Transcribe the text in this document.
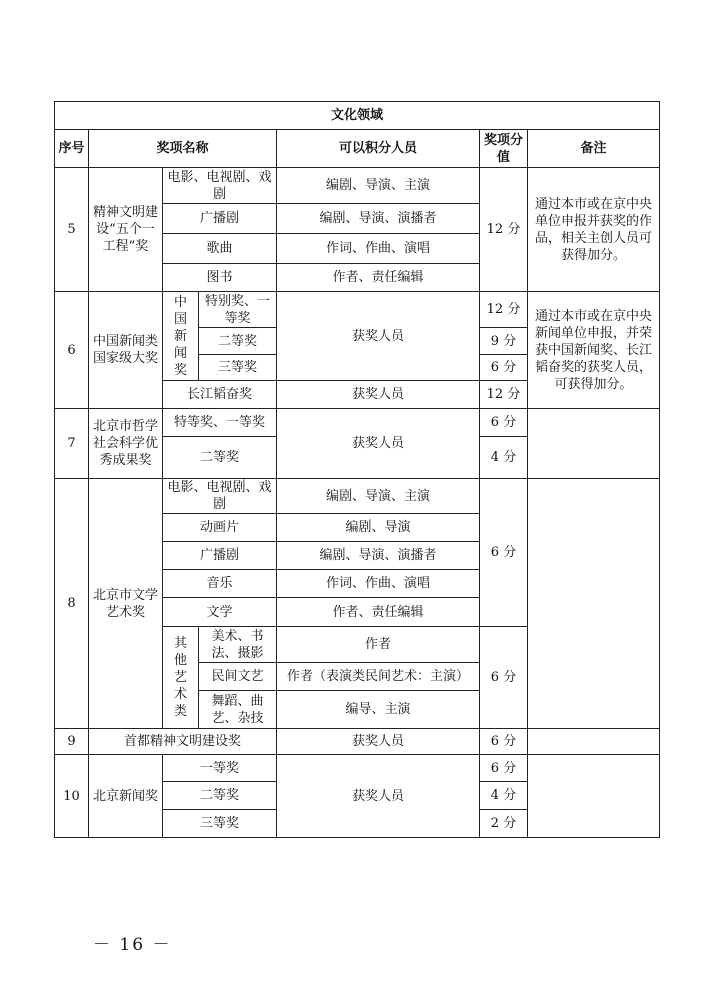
文化领域						
序号	奖项名称			可以积分人员	奖项分值	备注
5	精神文明建设“五个一工程”奖	电影、电视剧、戏剧		编剧、导演、主演	12 分	通过本市或在京中央单位申报并获奖的作品，相关主创人员可获得加分。
		广播剧		编剧、导演、演播者		
		歌曲		作词、作曲、演唱		
		图书		作者、责任编辑		
6	中国新闻类国家级大奖	中国新闻奖	特别奖、一等奖	获奖人员	12 分	通过本市或在京中央新闻单位申报，并荣获中国新闻奖、长江韬奋奖的获奖人员，可获得加分。
			二等奖		9 分	
			三等奖		6 分	
		长江韬奋奖		获奖人员	12 分	
7	北京市哲学社会科学优秀成果奖	特等奖、一等奖		获奖人员	6 分	
		二等奖			4 分	
8	北京市文学艺术奖	电影、电视剧、戏剧		编剧、导演、主演	6 分	
		动画片		编剧、导演		
		广播剧		编剧、导演、演播者		
		音乐		作词、作曲、演唱		
		文学		作者、责任编辑		

		其他艺术类	美术、书法、摄影	作者	6 分	
			民间文艺	作者（表演类民间艺术：主演）		
			舞蹈、曲艺、杂技	编导、主演		
9	首都精神文明建设奖			获奖人员	6 分	
10	北京新闻奖	一等奖		获奖人员	6 分	
		二等奖			4 分	
		三等奖			2 分	
－ 16 －
